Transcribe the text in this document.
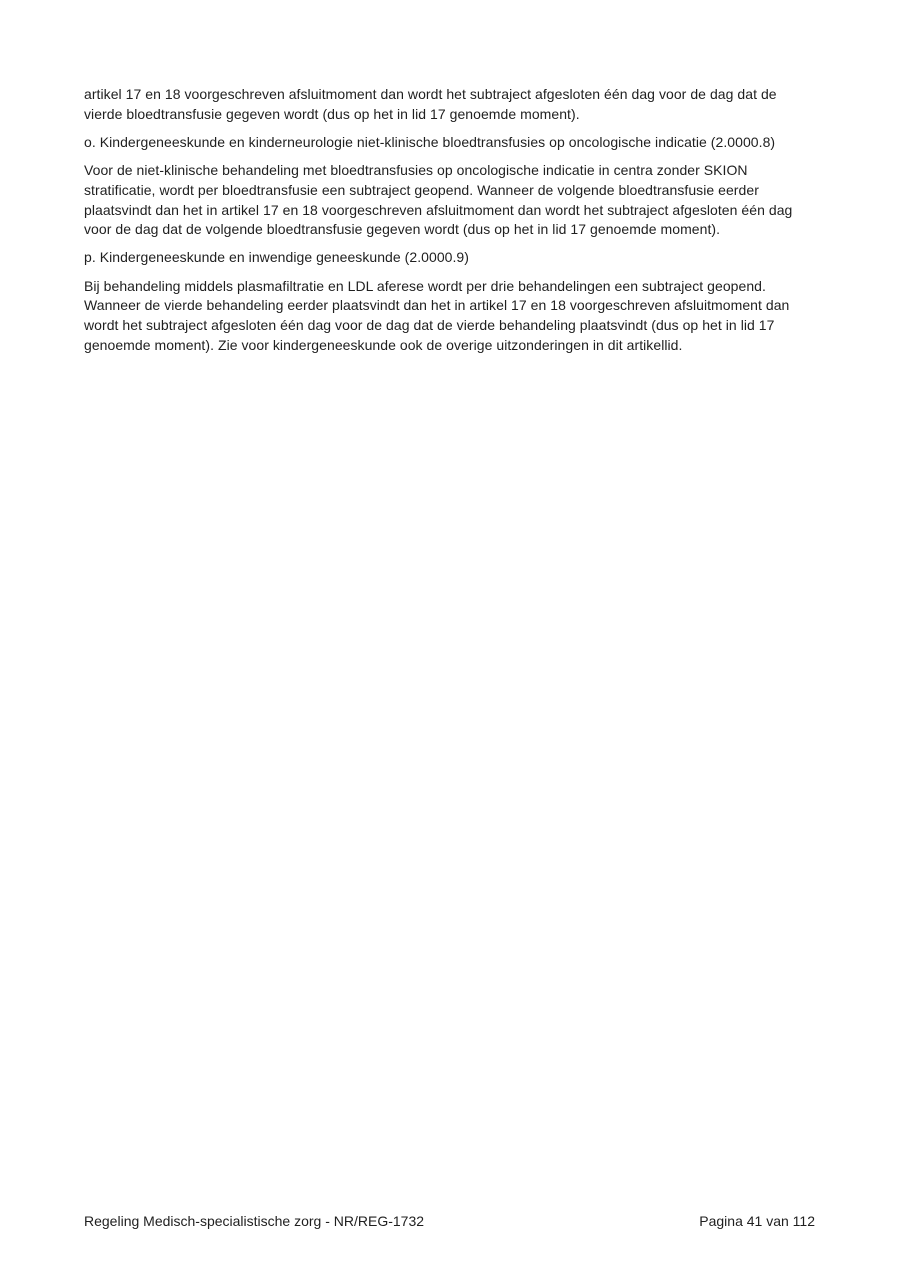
artikel 17 en 18 voorgeschreven afsluitmoment dan wordt het subtraject afgesloten één dag voor de dag dat de vierde bloedtransfusie gegeven wordt (dus op het in lid 17 genoemde moment).

o. Kindergeneeskunde en kinderneurologie niet-klinische bloedtransfusies op oncologische indicatie (2.0000.8)

Voor de niet-klinische behandeling met bloedtransfusies op oncologische indicatie in centra zonder SKION stratificatie, wordt per bloedtransfusie een subtraject geopend. Wanneer de volgende bloedtransfusie eerder plaatsvindt dan het in artikel 17 en 18 voorgeschreven afsluitmoment dan wordt het subtraject afgesloten één dag voor de dag dat de volgende bloedtransfusie gegeven wordt (dus op het in lid 17 genoemde moment).

p. Kindergeneeskunde en inwendige geneeskunde (2.0000.9)

Bij behandeling middels plasmafiltratie en LDL aferese wordt per drie behandelingen een subtraject geopend. Wanneer de vierde behandeling eerder plaatsvindt dan het in artikel 17 en 18 voorgeschreven afsluitmoment dan wordt het subtraject afgesloten één dag voor de dag dat de vierde behandeling plaatsvindt (dus op het in lid 17 genoemde moment). Zie voor kindergeneeskunde ook de overige uitzonderingen in dit artikellid.

Regeling Medisch-specialistische zorg - NR/REG-1732	Pagina 41 van 112
